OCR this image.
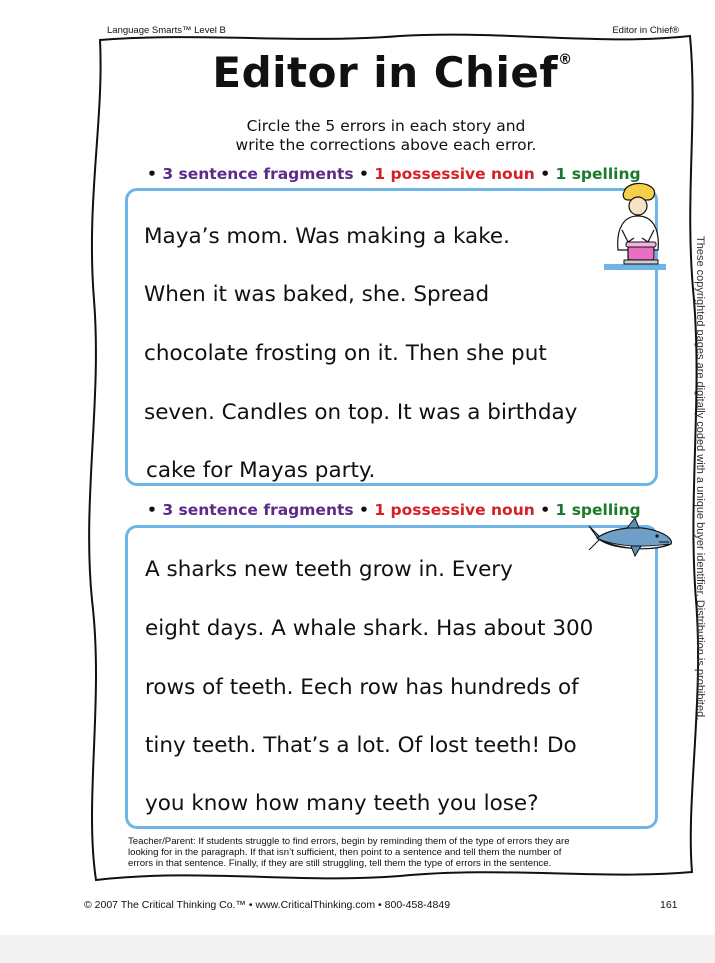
Language Smarts™ Level B	Editor in Chief®
Editor in Chief®
Circle the 5 errors in each story and
write the corrections above each error.
• 3 sentence fragments • 1 possessive noun • 1 spelling
Maya’s mom. Was making a kake.
When it was baked, she. Spread
chocolate frosting on it. Then she put
seven. Candles on top. It was a birthday
cake for Mayas party.
• 3 sentence fragments • 1 possessive noun • 1 spelling
A sharks new teeth grow in. Every
eight days. A whale shark. Has about 300
rows of teeth. Eech row has hundreds of
tiny teeth. That’s a lot. Of lost teeth! Do
you know how many teeth you lose?
Teacher/Parent: If students struggle to find errors, begin by reminding them of the type of errors they are
looking for in the paragraph. If that isn’t sufficient, then point to a sentence and tell them the number of
errors in that sentence. Finally, if they are still struggling, tell them the type of errors in the sentence.
© 2007 The Critical Thinking Co.™ • www.CriticalThinking.com • 800-458-4849	161
These copyrighted pages are digitally coded with a unique buyer identifier. Distribution is prohibited.
